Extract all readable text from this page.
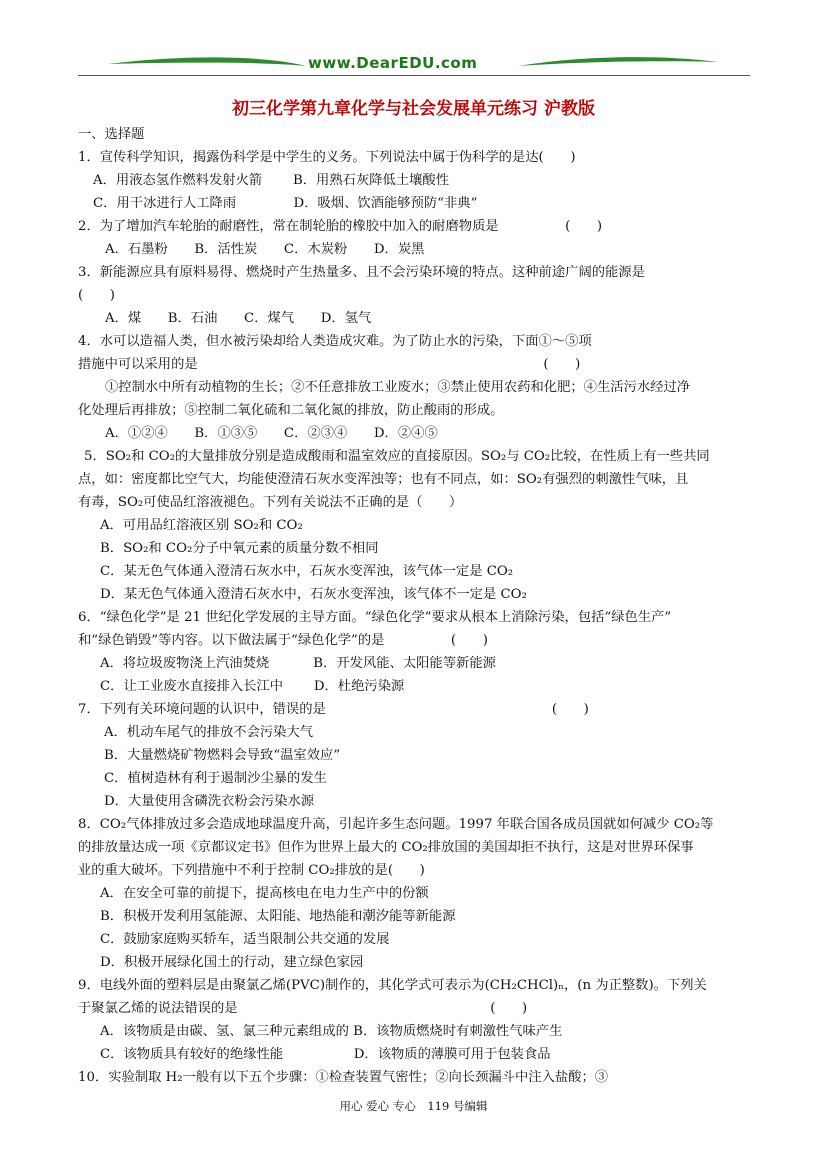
www.DearEDU.com
初三化学第九章化学与社会发展单元练习 沪教版
一、选择题
1．宣传科学知识，揭露伪科学是中学生的义务。下列说法中属于伪科学的是达(　　)
A．用液态氢作燃料发射火箭　　 B．用熟石灰降低土壤酸性
C．用干冰进行人工降雨　　　　 D．吸烟、饮酒能够预防“非典”
2．为了增加汽车轮胎的耐磨性，常在制轮胎的橡胶中加入的耐磨物质是　　　　　(　　)
A．石墨粉　　B．活性炭　　C．木炭粉　　D．炭黑
3．新能源应具有原料易得、燃烧时产生热量多、且不会污染环境的特点。这种前途广阔的能源是
(　　)
A．煤　　B．石油　　C．煤气　　D．氢气
4．水可以造福人类，但水被污染却给人类造成灾难。为了防止水的污染，下面①～⑤项
措施中可以采用的是　　　　　　　　　　　　　　　　　　　　　　　　　　(　　)
①控制水中所有动植物的生长；②不任意排放工业废水；③禁止使用农药和化肥；④生活污水经过净
化处理后再排放；⑤控制二氧化硫和二氧化氮的排放，防止酸雨的形成。
A．①②④　　B．①③⑤　　C．②③④　　D．②④⑤
5．SO₂和 CO₂的大量排放分别是造成酸雨和温室效应的直接原因。SO₂与 CO₂比较，在性质上有一些共同
点，如：密度都比空气大，均能使澄清石灰水变浑浊等；也有不同点，如：SO₂有强烈的刺激性气味，且
有毒，SO₂可使品红溶液褪色。下列有关说法不正确的是（　　）
A．可用品红溶液区别 SO₂和 CO₂
B．SO₂和 CO₂分子中氧元素的质量分数不相同
C．某无色气体通入澄清石灰水中，石灰水变浑浊，该气体一定是 CO₂
D．某无色气体通入澄清石灰水中，石灰水变浑浊，该气体不一定是 CO₂
6．“绿色化学”是 21 世纪化学发展的主导方面。“绿色化学”要求从根本上消除污染，包括“绿色生产”
和“绿色销毁”等内容。以下做法属于“绿色化学”的是　　　　　(　　)
A．将垃圾废物浇上汽油焚烧　　　 B．开发风能、太阳能等新能源
C．让工业废水直接排入长江中　　 D．杜绝污染源
7．下列有关环境问题的认识中，错误的是　　　　　　　　　　　　　　　　　(　　)
A．机动车尾气的排放不会污染大气
B．大量燃烧矿物燃料会导致“温室效应”
C．植树造林有利于遏制沙尘暴的发生
D．大量使用含磷洗衣粉会污染水源
8．CO₂气体排放过多会造成地球温度升高，引起许多生态问题。1997 年联合国各成员国就如何减少 CO₂等
的排放量达成一项《京都议定书》但作为世界上最大的 CO₂排放国的美国却拒不执行，这是对世界环保事
业的重大破坏。下列措施中不利于控制 CO₂排放的是(　　)
A．在安全可靠的前提下，提高核电在电力生产中的份额
B．积极开发利用氢能源、太阳能、地热能和潮汐能等新能源
C．鼓励家庭购买轿车，适当限制公共交通的发展
D．积极开展绿化国土的行动，建立绿色家园
9．电线外面的塑料层是由聚氯乙烯(PVC)制作的，其化学式可表示为(CH₂CHCl)ₙ，(n 为正整数)。下列关
于聚氯乙烯的说法错误的是　　　　　　　　　　　　　　　　　　　(　　)
A．该物质是由碳、氢、氯三种元素组成的 B．该物质燃烧时有刺激性气味产生
C．该物质具有较好的绝缘性能　　　　　 D．该物质的薄膜可用于包装食品
10．实验制取 H₂一般有以下五个步骤：①检查装置气密性；②向长颈漏斗中注入盐酸；③
用心 爱心 专心　119 号编辑
